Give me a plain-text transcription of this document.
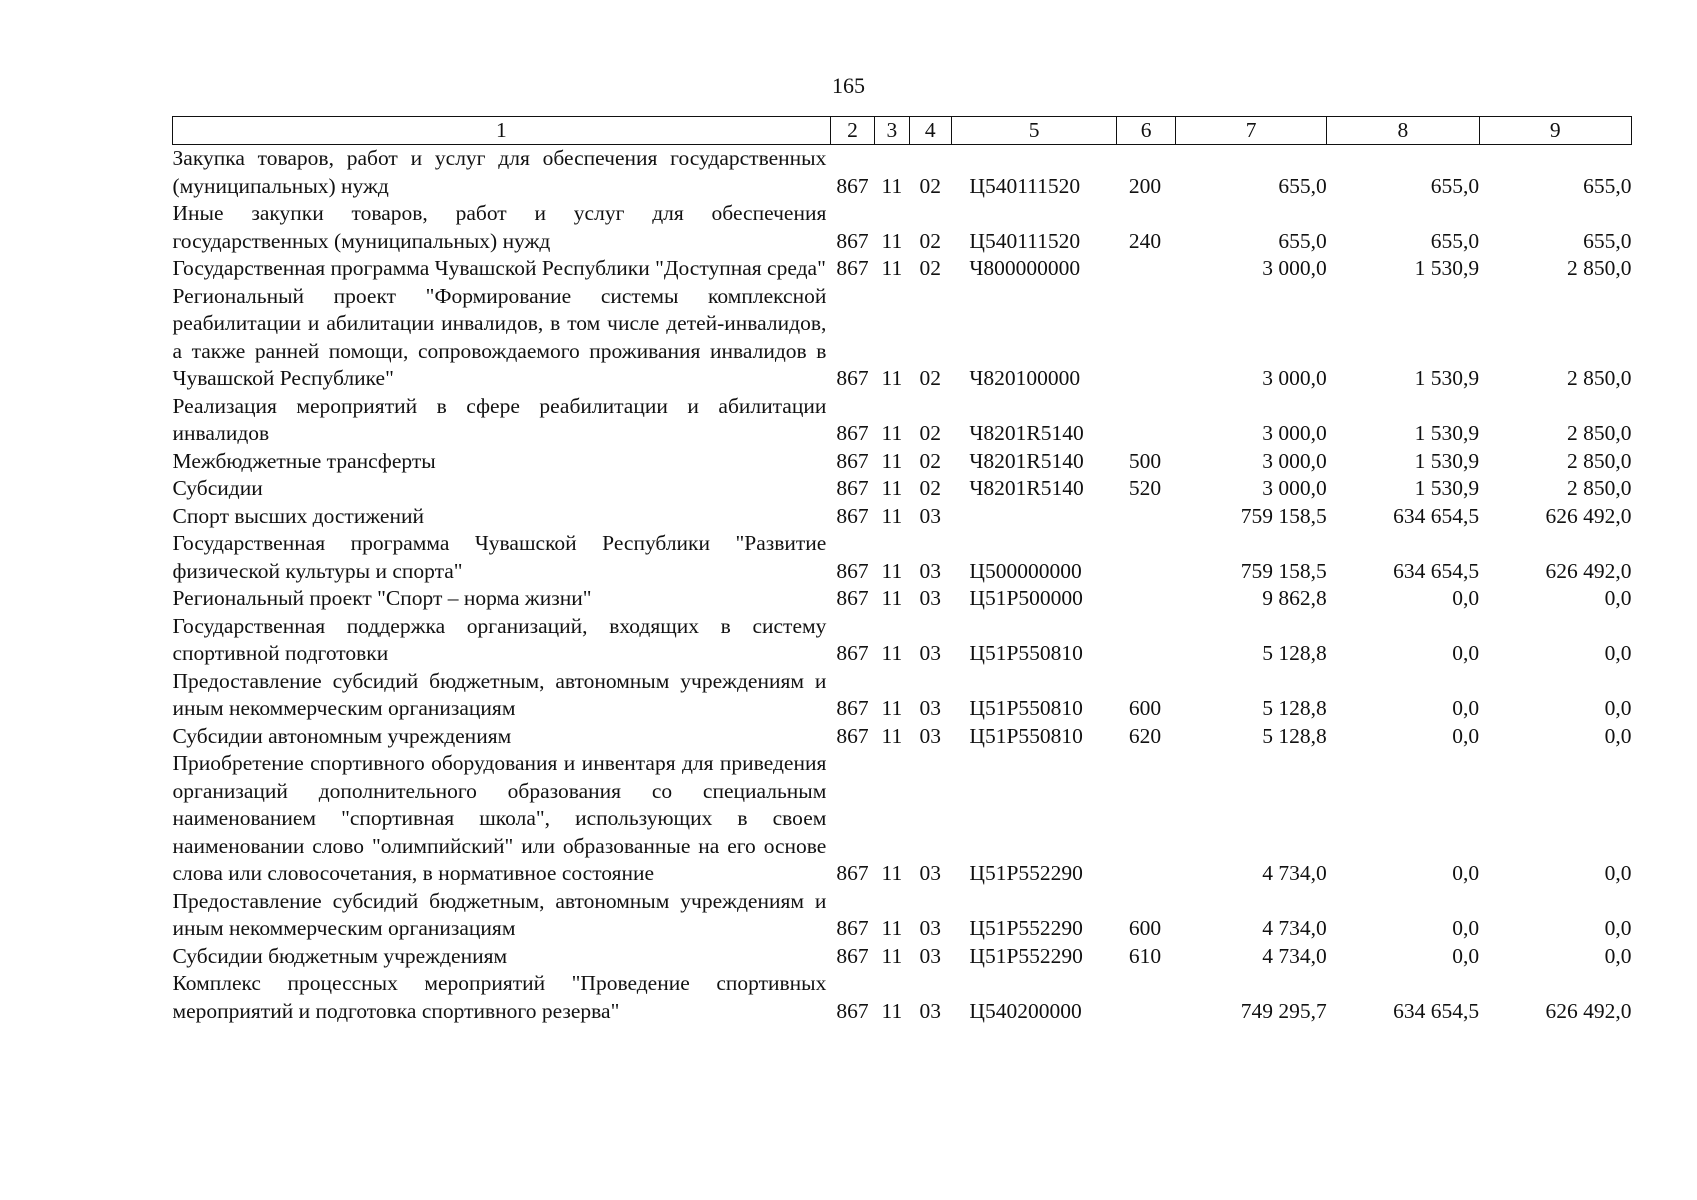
165
1	2	3	4	5	6	7	8	9
Закупка товаров, работ и услуг для обеспечения государственных (муниципальных) нужд	867	11	02	Ц540111520	200	655,0	655,0	655,0
Иные закупки товаров, работ и услуг для обеспечения государственных (муниципальных) нужд	867	11	02	Ц540111520	240	655,0	655,0	655,0
Государственная программа Чувашской Республики "Доступная среда"	867	11	02	Ч800000000		3 000,0	1 530,9	2 850,0
Региональный проект "Формирование системы комплексной реабилитации и абилитации инвалидов, в том числе детей-инвалидов, а также ранней помощи, сопровождаемого проживания инвалидов в Чувашской Республике"	867	11	02	Ч820100000		3 000,0	1 530,9	2 850,0
Реализация мероприятий в сфере реабилитации и абилитации инвалидов	867	11	02	Ч8201R5140		3 000,0	1 530,9	2 850,0
Межбюджетные трансферты	867	11	02	Ч8201R5140	500	3 000,0	1 530,9	2 850,0
Субсидии	867	11	02	Ч8201R5140	520	3 000,0	1 530,9	2 850,0
Спорт высших достижений	867	11	03			759 158,5	634 654,5	626 492,0
Государственная программа Чувашской Республики "Развитие физической культуры и спорта"	867	11	03	Ц500000000		759 158,5	634 654,5	626 492,0
Региональный проект "Спорт – норма жизни"	867	11	03	Ц51P500000		9 862,8	0,0	0,0
Государственная поддержка организаций, входящих в систему спортивной подготовки	867	11	03	Ц51P550810		5 128,8	0,0	0,0
Предоставление субсидий бюджетным, автономным учреждениям и иным некоммерческим организациям	867	11	03	Ц51P550810	600	5 128,8	0,0	0,0
Субсидии автономным учреждениям	867	11	03	Ц51P550810	620	5 128,8	0,0	0,0
Приобретение спортивного оборудования и инвентаря для приведения организаций дополнительного образования со специальным наименованием "спортивная школа", использующих в своем наименовании слово "олимпийский" или образованные на его основе слова или словосочетания, в нормативное состояние	867	11	03	Ц51P552290		4 734,0	0,0	0,0
Предоставление субсидий бюджетным, автономным учреждениям и иным некоммерческим организациям	867	11	03	Ц51P552290	600	4 734,0	0,0	0,0
Субсидии бюджетным учреждениям	867	11	03	Ц51P552290	610	4 734,0	0,0	0,0
Комплекс процессных мероприятий "Проведение спортивных мероприятий и подготовка спортивного резерва"	867	11	03	Ц540200000		749 295,7	634 654,5	626 492,0
